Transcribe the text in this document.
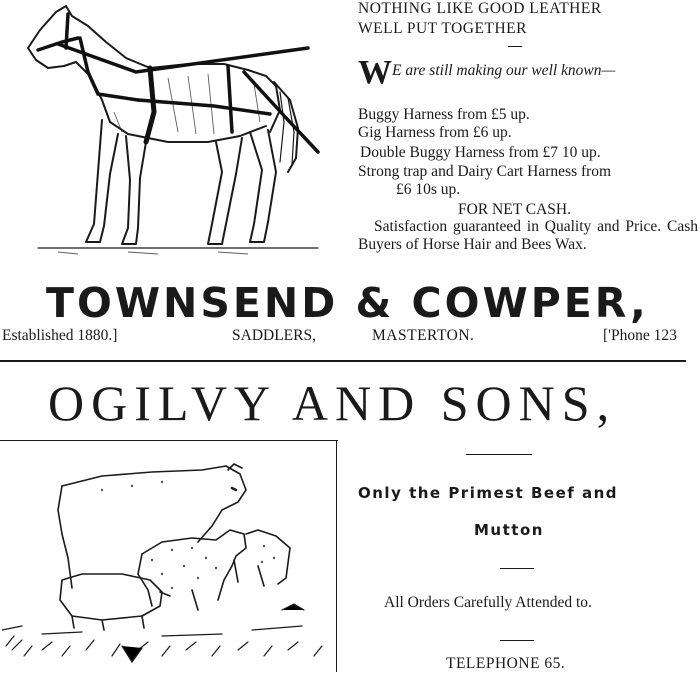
NOTHING LIKE GOOD LEATHER
WELL PUT TOGETHER
W E are still making our well known—
Buggy Harness from £5 up.
Gig Harness from £6 up.
Double Buggy Harness from £7 10 up.
Strong trap and Dairy Cart Harness from
£6 10s up.
FOR NET CASH.
Satisfaction guaranteed in Quality and Price. Cash Buyers of Horse Hair and Bees Wax.
TOWNSEND & COWPER,
Established 1880.]	SADDLERS,	MASTERTON.	['Phone 123
OGILVY AND SONS,
Only the Primest Beef and
Mutton
All Orders Carefully Attended to.
TELEPHONE 65.
